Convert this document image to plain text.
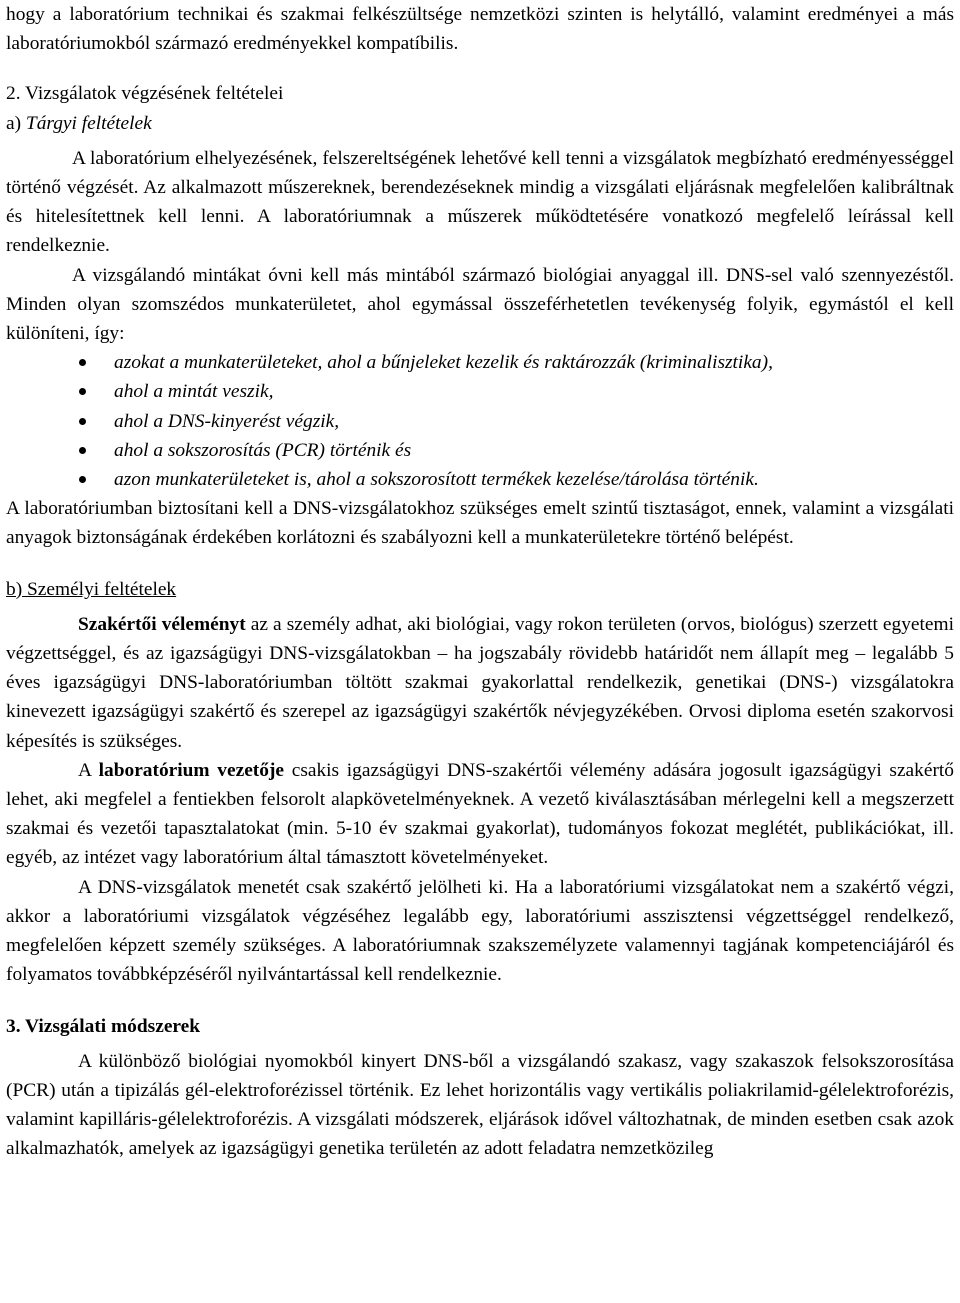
hogy a laboratórium technikai és szakmai felkészültsége nemzetközi szinten is helytálló, valamint eredményei a más laboratóriumokból származó eredményekkel kompatíbilis.

2. Vizsgálatok végzésének feltételei

a) Tárgyi feltételek

A laboratórium elhelyezésének, felszereltségének lehetővé kell tenni a vizsgálatok megbízható eredményességgel történő végzését. Az alkalmazott műszereknek, berendezéseknek mindig a vizsgálati eljárásnak megfelelően kalibráltnak és hitelesítettnek kell lenni. A laboratóriumnak a műszerek működtetésére vonatkozó megfelelő leírással kell rendelkeznie.

A vizsgálandó mintákat óvni kell más mintából származó biológiai anyaggal ill. DNS-sel való szennyezéstől. Minden olyan szomszédos munkaterületet, ahol egymással összeférhetetlen tevékenység folyik, egymástól el kell különíteni, így:

azokat a munkaterületeket, ahol a bűnjeleket kezelik és raktározzák (kriminalisztika),
ahol a mintát veszik,
ahol a DNS-kinyerést végzik,
ahol a sokszorosítás (PCR) történik és
azon munkaterületeket is, ahol a sokszorosított termékek kezelése/tárolása történik.

A laboratóriumban biztosítani kell a DNS-vizsgálatokhoz szükséges emelt szintű tisztaságot, ennek, valamint a vizsgálati anyagok biztonságának érdekében korlátozni és szabályozni kell a munkaterületekre történő belépést.

b) Személyi feltételek

Szakértői véleményt az a személy adhat, aki biológiai, vagy rokon területen (orvos, biológus) szerzett egyetemi végzettséggel, és az igazságügyi DNS-vizsgálatokban – ha jogszabály rövidebb határidőt nem állapít meg – legalább 5 éves igazságügyi DNS-laboratóriumban töltött szakmai gyakorlattal rendelkezik, genetikai (DNS-) vizsgálatokra kinevezett igazságügyi szakértő és szerepel az igazságügyi szakértők névjegyzékében. Orvosi diploma esetén szakorvosi képesítés is szükséges.

A laboratórium vezetője csakis igazságügyi DNS-szakértői vélemény adására jogosult igazságügyi szakértő lehet, aki megfelel a fentiekben felsorolt alapkövetelményeknek. A vezető kiválasztásában mérlegelni kell a megszerzett szakmai és vezetői tapasztalatokat (min. 5-10 év szakmai gyakorlat), tudományos fokozat meglétét, publikációkat, ill. egyéb, az intézet vagy laboratórium által támasztott követelményeket.

A DNS-vizsgálatok menetét csak szakértő jelölheti ki. Ha a laboratóriumi vizsgálatokat nem a szakértő végzi, akkor a laboratóriumi vizsgálatok végzéséhez legalább egy, laboratóriumi asszisztensi végzettséggel rendelkező, megfelelően képzett személy szükséges. A laboratóriumnak szakszemélyzete valamennyi tagjának kompetenciájáról és folyamatos továbbképzéséről nyilvántartással kell rendelkeznie.

3. Vizsgálati módszerek

A különböző biológiai nyomokból kinyert DNS-ből a vizsgálandó szakasz, vagy szakaszok felsokszorosítása (PCR) után a tipizálás gél-elektroforézissel történik. Ez lehet horizontális vagy vertikális poliakrilamid-gélelektroforézis, valamint kapilláris-gélelektroforézis. A vizsgálati módszerek, eljárások idővel változhatnak, de minden esetben csak azok alkalmazhatók, amelyek az igazságügyi genetika területén az adott feladatra nemzetközileg
